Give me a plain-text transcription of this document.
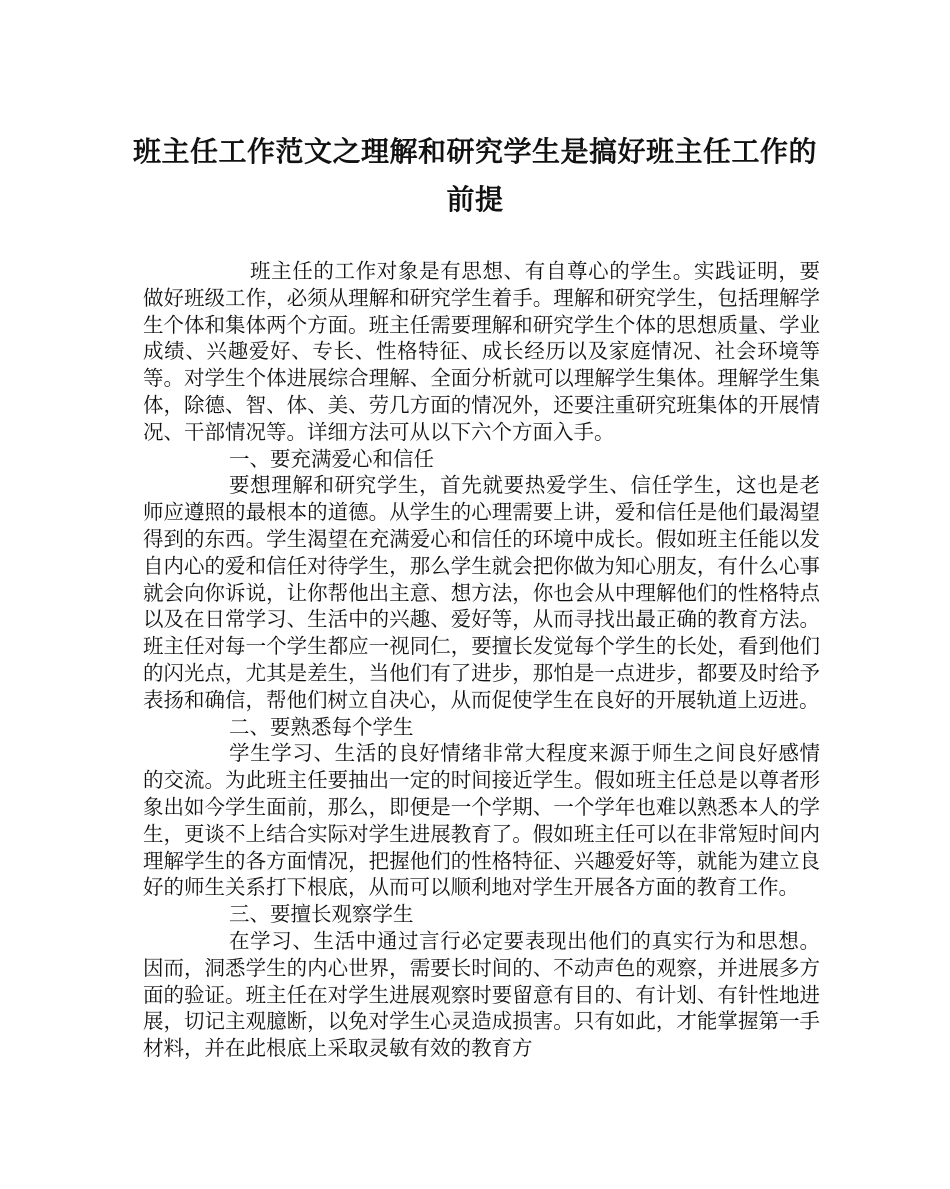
班主任工作范文之理解和研究学生是搞好班主任工作的前提

班主任的工作对象是有思想、有自尊心的学生。实践证明，要做好班级工作，必须从理解和研究学生着手。理解和研究学生，包括理解学生个体和集体两个方面。班主任需要理解和研究学生个体的思想质量、学业成绩、兴趣爱好、专长、性格特征、成长经历以及家庭情况、社会环境等等。对学生个体进展综合理解、全面分析就可以理解学生集体。理解学生集体，除德、智、体、美、劳几方面的情况外，还要注重研究班集体的开展情况、干部情况等。详细方法可从以下六个方面入手。

一、要充满爱心和信任

要想理解和研究学生，首先就要热爱学生、信任学生，这也是老师应遵照的最根本的道德。从学生的心理需要上讲，爱和信任是他们最渴望得到的东西。学生渴望在充满爱心和信任的环境中成长。假如班主任能以发自内心的爱和信任对待学生，那么学生就会把你做为知心朋友，有什么心事就会向你诉说，让你帮他出主意、想方法，你也会从中理解他们的性格特点以及在日常学习、生活中的兴趣、爱好等，从而寻找出最正确的教育方法。班主任对每一个学生都应一视同仁，要擅长发觉每个学生的长处，看到他们的闪光点，尤其是差生，当他们有了进步，那怕是一点进步，都要及时给予表扬和确信，帮他们树立自决心，从而促使学生在良好的开展轨道上迈进。

二、要熟悉每个学生

学生学习、生活的良好情绪非常大程度来源于师生之间良好感情的交流。为此班主任要抽出一定的时间接近学生。假如班主任总是以尊者形象出如今学生面前，那么，即便是一个学期、一个学年也难以熟悉本人的学生，更谈不上结合实际对学生进展教育了。假如班主任可以在非常短时间内理解学生的各方面情况，把握他们的性格特征、兴趣爱好等，就能为建立良好的师生关系打下根底，从而可以顺利地对学生开展各方面的教育工作。

三、要擅长观察学生

在学习、生活中通过言行必定要表现出他们的真实行为和思想。因而，洞悉学生的内心世界，需要长时间的、不动声色的观察，并进展多方面的验证。班主任在对学生进展观察时要留意有目的、有计划、有针性地进展，切记主观臆断，以免对学生心灵造成损害。只有如此，才能掌握第一手材料，并在此根底上采取灵敏有效的教育方
